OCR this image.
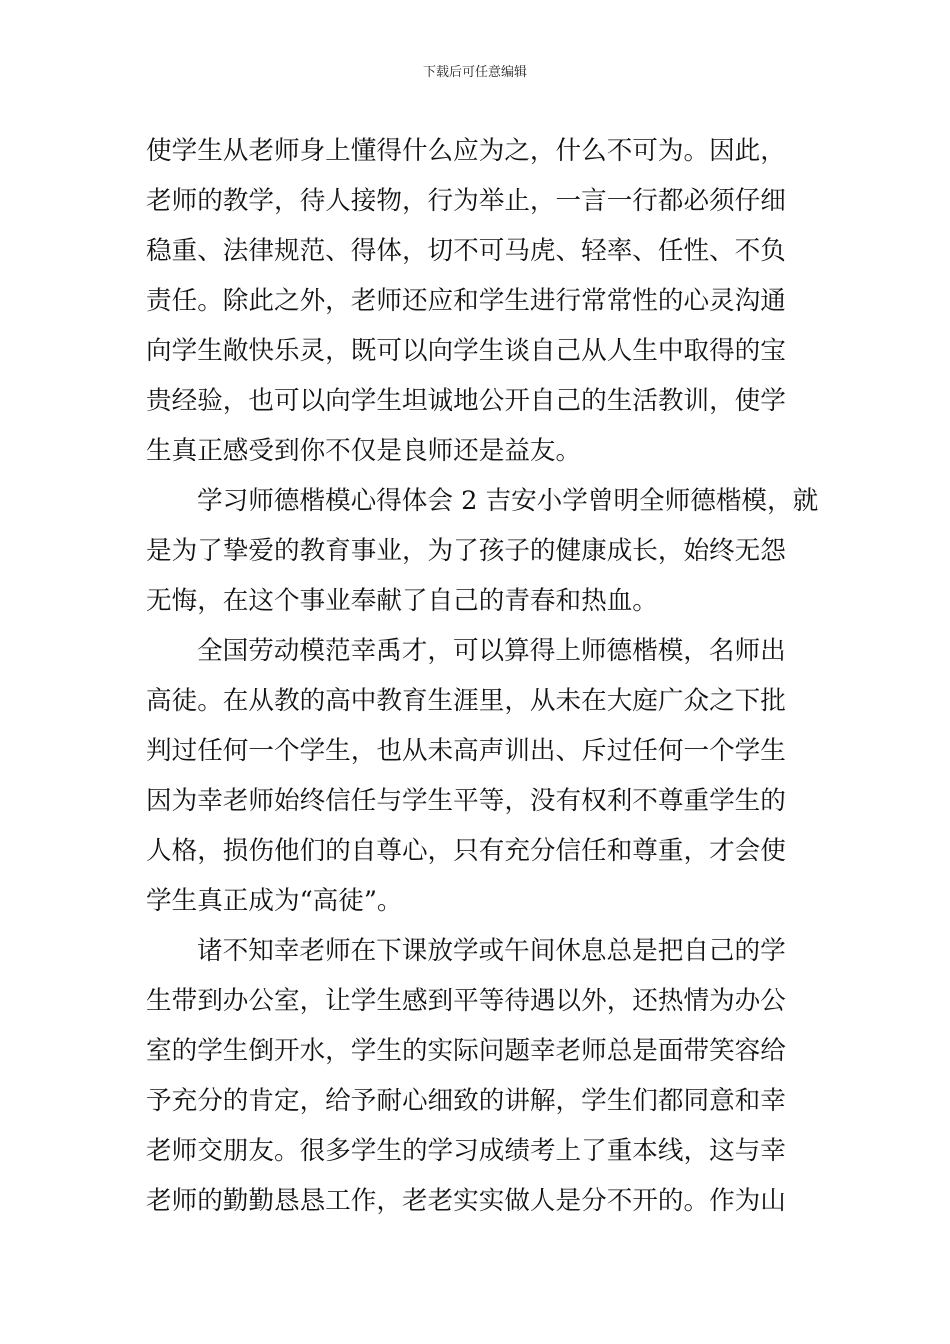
下载后可任意编辑
使学生从老师身上懂得什么应为之，什么不可为。因此，
老师的教学，待人接物，行为举止，一言一行都必须仔细
稳重、法律规范、得体，切不可马虎、轻率、任性、不负
责任。除此之外，老师还应和学生进行常常性的心灵沟通
向学生敞快乐灵，既可以向学生谈自己从人生中取得的宝
贵经验，也可以向学生坦诚地公开自己的生活教训，使学
生真正感受到你不仅是良师还是益友。
学习师德楷模心得体会 2 吉安小学曾明全师德楷模，就
是为了挚爱的教育事业，为了孩子的健康成长，始终无怨
无悔，在这个事业奉献了自己的青春和热血。
全国劳动模范幸禹才，可以算得上师德楷模，名师出
高徒。在从教的高中教育生涯里，从未在大庭广众之下批
判过任何一个学生，也从未高声训出、斥过任何一个学生
因为幸老师始终信任与学生平等，没有权利不尊重学生的
人格，损伤他们的自尊心，只有充分信任和尊重，才会使
学生真正成为“高徒”。
诸不知幸老师在下课放学或午间休息总是把自己的学
生带到办公室，让学生感到平等待遇以外，还热情为办公
室的学生倒开水，学生的实际问题幸老师总是面带笑容给
予充分的肯定，给予耐心细致的讲解，学生们都同意和幸
老师交朋友。很多学生的学习成绩考上了重本线，这与幸
老师的勤勤恳恳工作，老老实实做人是分不开的。作为山
